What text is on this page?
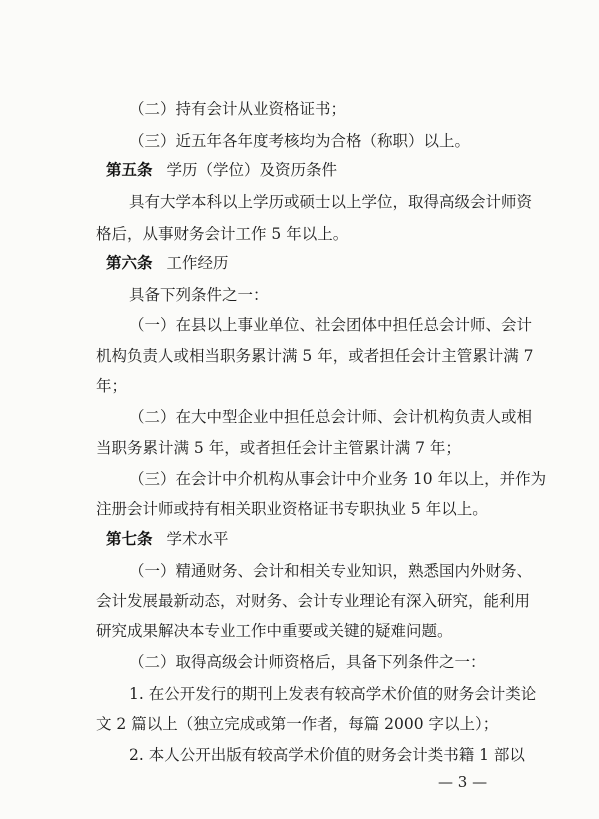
（二）持有会计从业资格证书；

（三）近五年各年度考核均为合格（称职）以上。

第五条 学历（学位）及资历条件

具有大学本科以上学历或硕士以上学位，取得高级会计师资

格后，从事财务会计工作 5 年以上。

第六条 工作经历

具备下列条件之一：

（一）在县以上事业单位、社会团体中担任总会计师、会计

机构负责人或相当职务累计满 5 年，或者担任会计主管累计满 7

年；

（二）在大中型企业中担任总会计师、会计机构负责人或相

当职务累计满 5 年，或者担任会计主管累计满 7 年；

（三）在会计中介机构从事会计中介业务 10 年以上，并作为

注册会计师或持有相关职业资格证书专职执业 5 年以上。

第七条 学术水平

（一）精通财务、会计和相关专业知识，熟悉国内外财务、

会计发展最新动态，对财务、会计专业理论有深入研究，能利用

研究成果解决本专业工作中重要或关键的疑难问题。

（二）取得高级会计师资格后，具备下列条件之一：

1. 在公开发行的期刊上发表有较高学术价值的财务会计类论

文 2 篇以上（独立完成或第一作者，每篇 2000 字以上）；

2. 本人公开出版有较高学术价值的财务会计类书籍 1 部以

— 3 —
